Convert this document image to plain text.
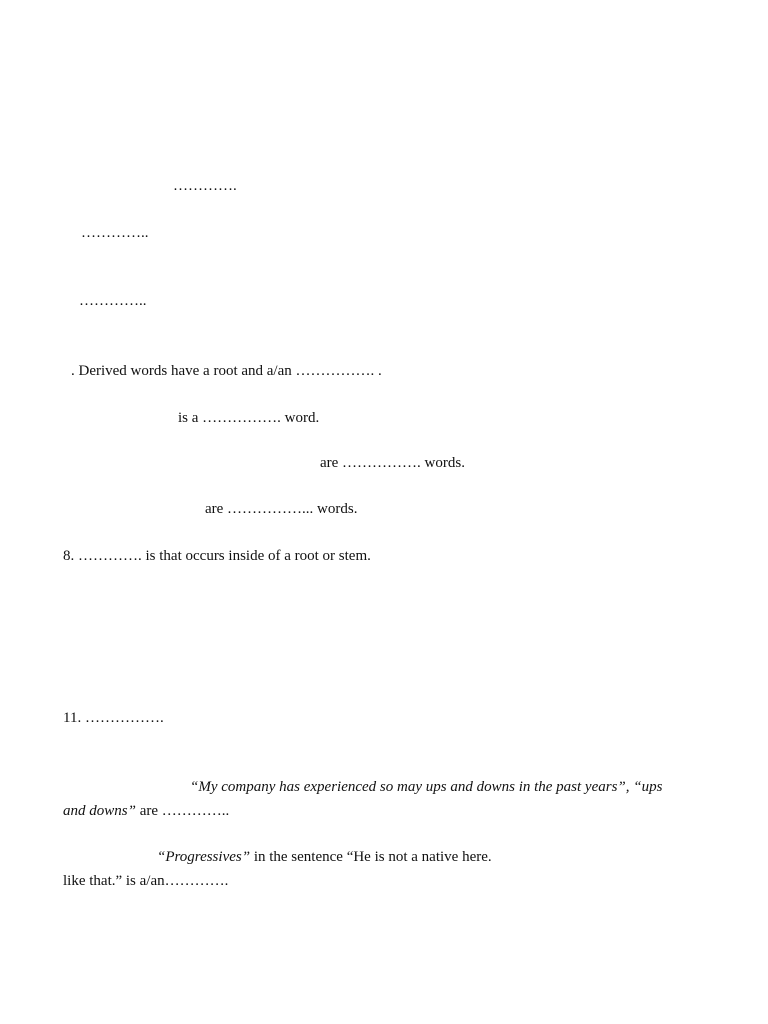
………….
…………..
…………..
. Derived words have a root and a/an ……………. .
is a ……………. word.
are ……………. words.
are ……………... words.
8. …………. is that occurs inside of a root or stem.
11. …………….
“My company has experienced so may ups and downs in the past years”, “ups
and downs” are …………..
“Progressives” in the sentence “He is not a native here.
like that.” is a/an………….
